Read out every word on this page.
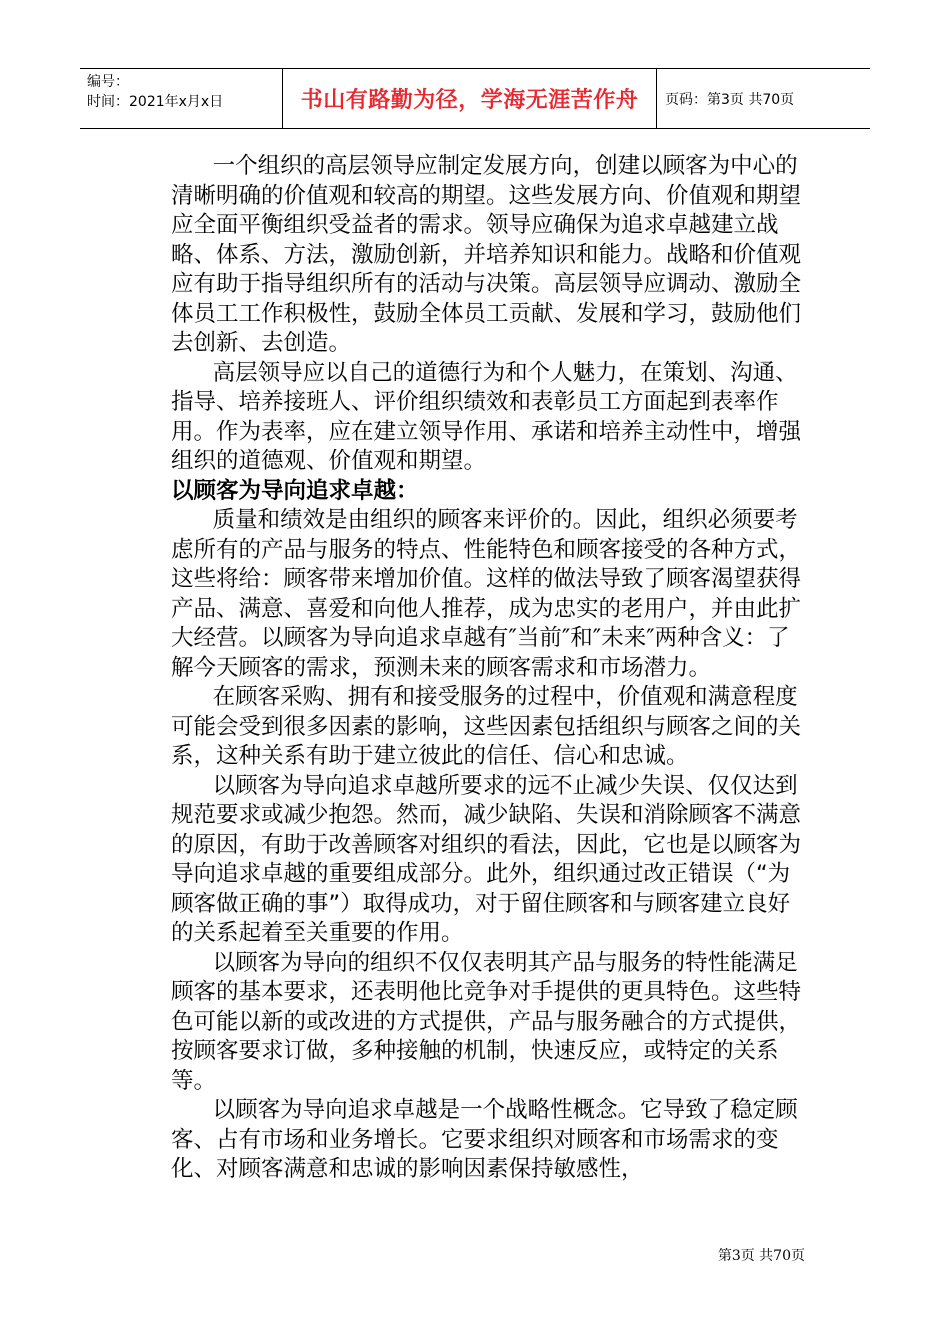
编号：
时间：2021年x月x日	书山有路勤为径，学海无涯苦作舟	页码：第3页 共70页

一个组织的高层领导应制定发展方向，创建以顾客为中心的清晰明确的价值观和较高的期望。这些发展方向、价值观和期望应全面平衡组织受益者的需求。领导应确保为追求卓越建立战略、体系、方法，激励创新，并培养知识和能力。战略和价值观应有助于指导组织所有的活动与决策。高层领导应调动、激励全体员工工作积极性，鼓励全体员工贡献、发展和学习，鼓励他们去创新、去创造。

高层领导应以自己的道德行为和个人魅力，在策划、沟通、指导、培养接班人、评价组织绩效和表彰员工方面起到表率作用。作为表率，应在建立领导作用、承诺和培养主动性中，增强组织的道德观、价值观和期望。

以顾客为导向追求卓越：

质量和绩效是由组织的顾客来评价的。因此，组织必须要考虑所有的产品与服务的特点、性能特色和顾客接受的各种方式，这些将给：顾客带来增加价值。这样的做法导致了顾客渴望获得产品、满意、喜爱和向他人推荐，成为忠实的老用户，并由此扩大经营。以顾客为导向追求卓越有″当前″和″未来″两种含义：了解今天顾客的需求，预测未来的顾客需求和市场潜力。

在顾客采购、拥有和接受服务的过程中，价值观和满意程度可能会受到很多因素的影响，这些因素包括组织与顾客之间的关系，这种关系有助于建立彼此的信任、信心和忠诚。

以顾客为导向追求卓越所要求的远不止减少失误、仅仅达到规范要求或减少抱怨。然而，减少缺陷、失误和消除顾客不满意的原因，有助于改善顾客对组织的看法，因此，它也是以顾客为导向追求卓越的重要组成部分。此外，组织通过改正错误（“为顾客做正确的事”）取得成功，对于留住顾客和与顾客建立良好的关系起着至关重要的作用。

以顾客为导向的组织不仅仅表明其产品与服务的特性能满足顾客的基本要求，还表明他比竞争对手提供的更具特色。这些特色可能以新的或改进的方式提供，产品与服务融合的方式提供，按顾客要求订做，多种接触的机制，快速反应，或特定的关系等。

以顾客为导向追求卓越是一个战略性概念。它导致了稳定顾客、占有市场和业务增长。它要求组织对顾客和市场需求的变化、对顾客满意和忠诚的影响因素保持敏感性，

第3页 共70页
